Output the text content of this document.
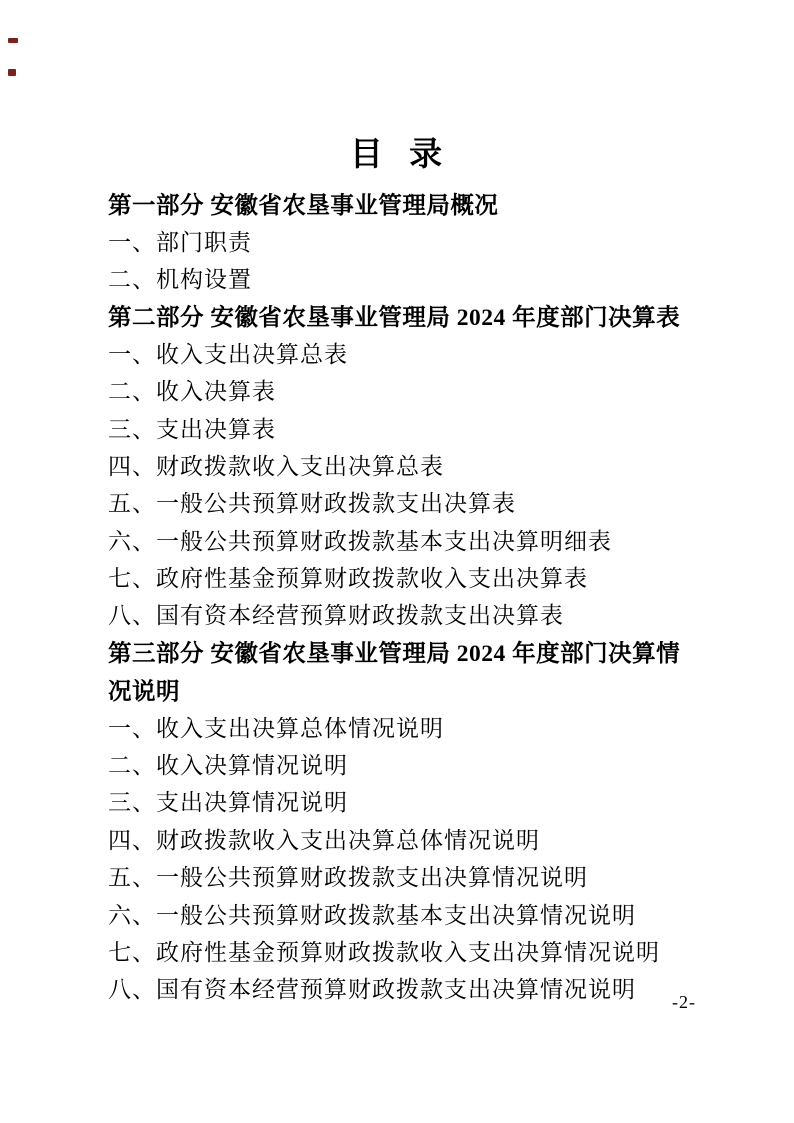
目 录
第一部分 安徽省农垦事业管理局概况
一、部门职责
二、机构设置
第二部分 安徽省农垦事业管理局 2024 年度部门决算表
一、收入支出决算总表
二、收入决算表
三、支出决算表
四、财政拨款收入支出决算总表
五、一般公共预算财政拨款支出决算表
六、一般公共预算财政拨款基本支出决算明细表
七、政府性基金预算财政拨款收入支出决算表
八、国有资本经营预算财政拨款支出决算表
第三部分 安徽省农垦事业管理局 2024 年度部门决算情
况说明
一、收入支出决算总体情况说明
二、收入决算情况说明
三、支出决算情况说明
四、财政拨款收入支出决算总体情况说明
五、一般公共预算财政拨款支出决算情况说明
六、一般公共预算财政拨款基本支出决算情况说明
七、政府性基金预算财政拨款收入支出决算情况说明
八、国有资本经营预算财政拨款支出决算情况说明	-2-
